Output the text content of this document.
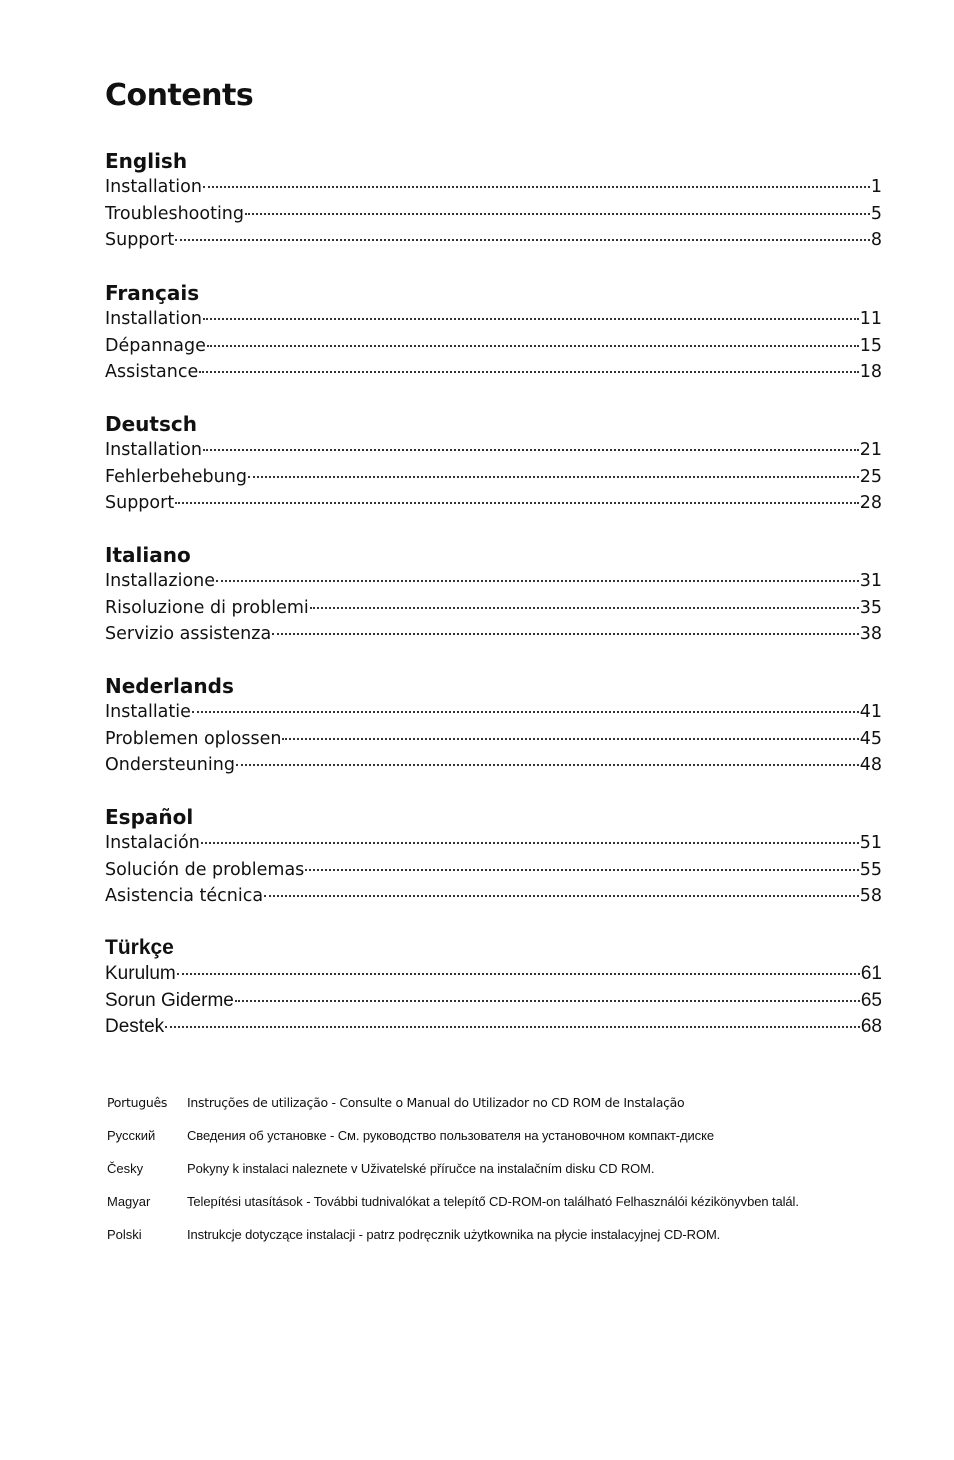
Contents
English
Installation	1
Troubleshooting	5
Support	8
Français
Installation	11
Dépannage	15
Assistance	18
Deutsch
Installation	21
Fehlerbehebung	25
Support	28
Italiano
Installazione	31
Risoluzione di problemi	35
Servizio assistenza	38
Nederlands
Installatie	41
Problemen oplossen	45
Ondersteuning	48
Español
Instalación	51
Solución de problemas	55
Asistencia técnica	58
Türkçe
Kurulum	61
Sorun Giderme	65
Destek	68
Português	Instruções de utilização - Consulte o Manual do Utilizador no CD ROM de Instalação
Русский	Сведения об установке - См. руководство пользователя на установочном компакт-диске
Česky	Pokyny k instalaci naleznete v Uživatelské příručce na instalačním disku CD ROM.
Magyar	Telepítési utasítások - További tudnivalókat a telepítő CD-ROM-on található Felhasználói kézikönyvben talál.
Polski	Instrukcje dotyczące instalacji - patrz podręcznik użytkownika na płycie instalacyjnej CD-ROM.
